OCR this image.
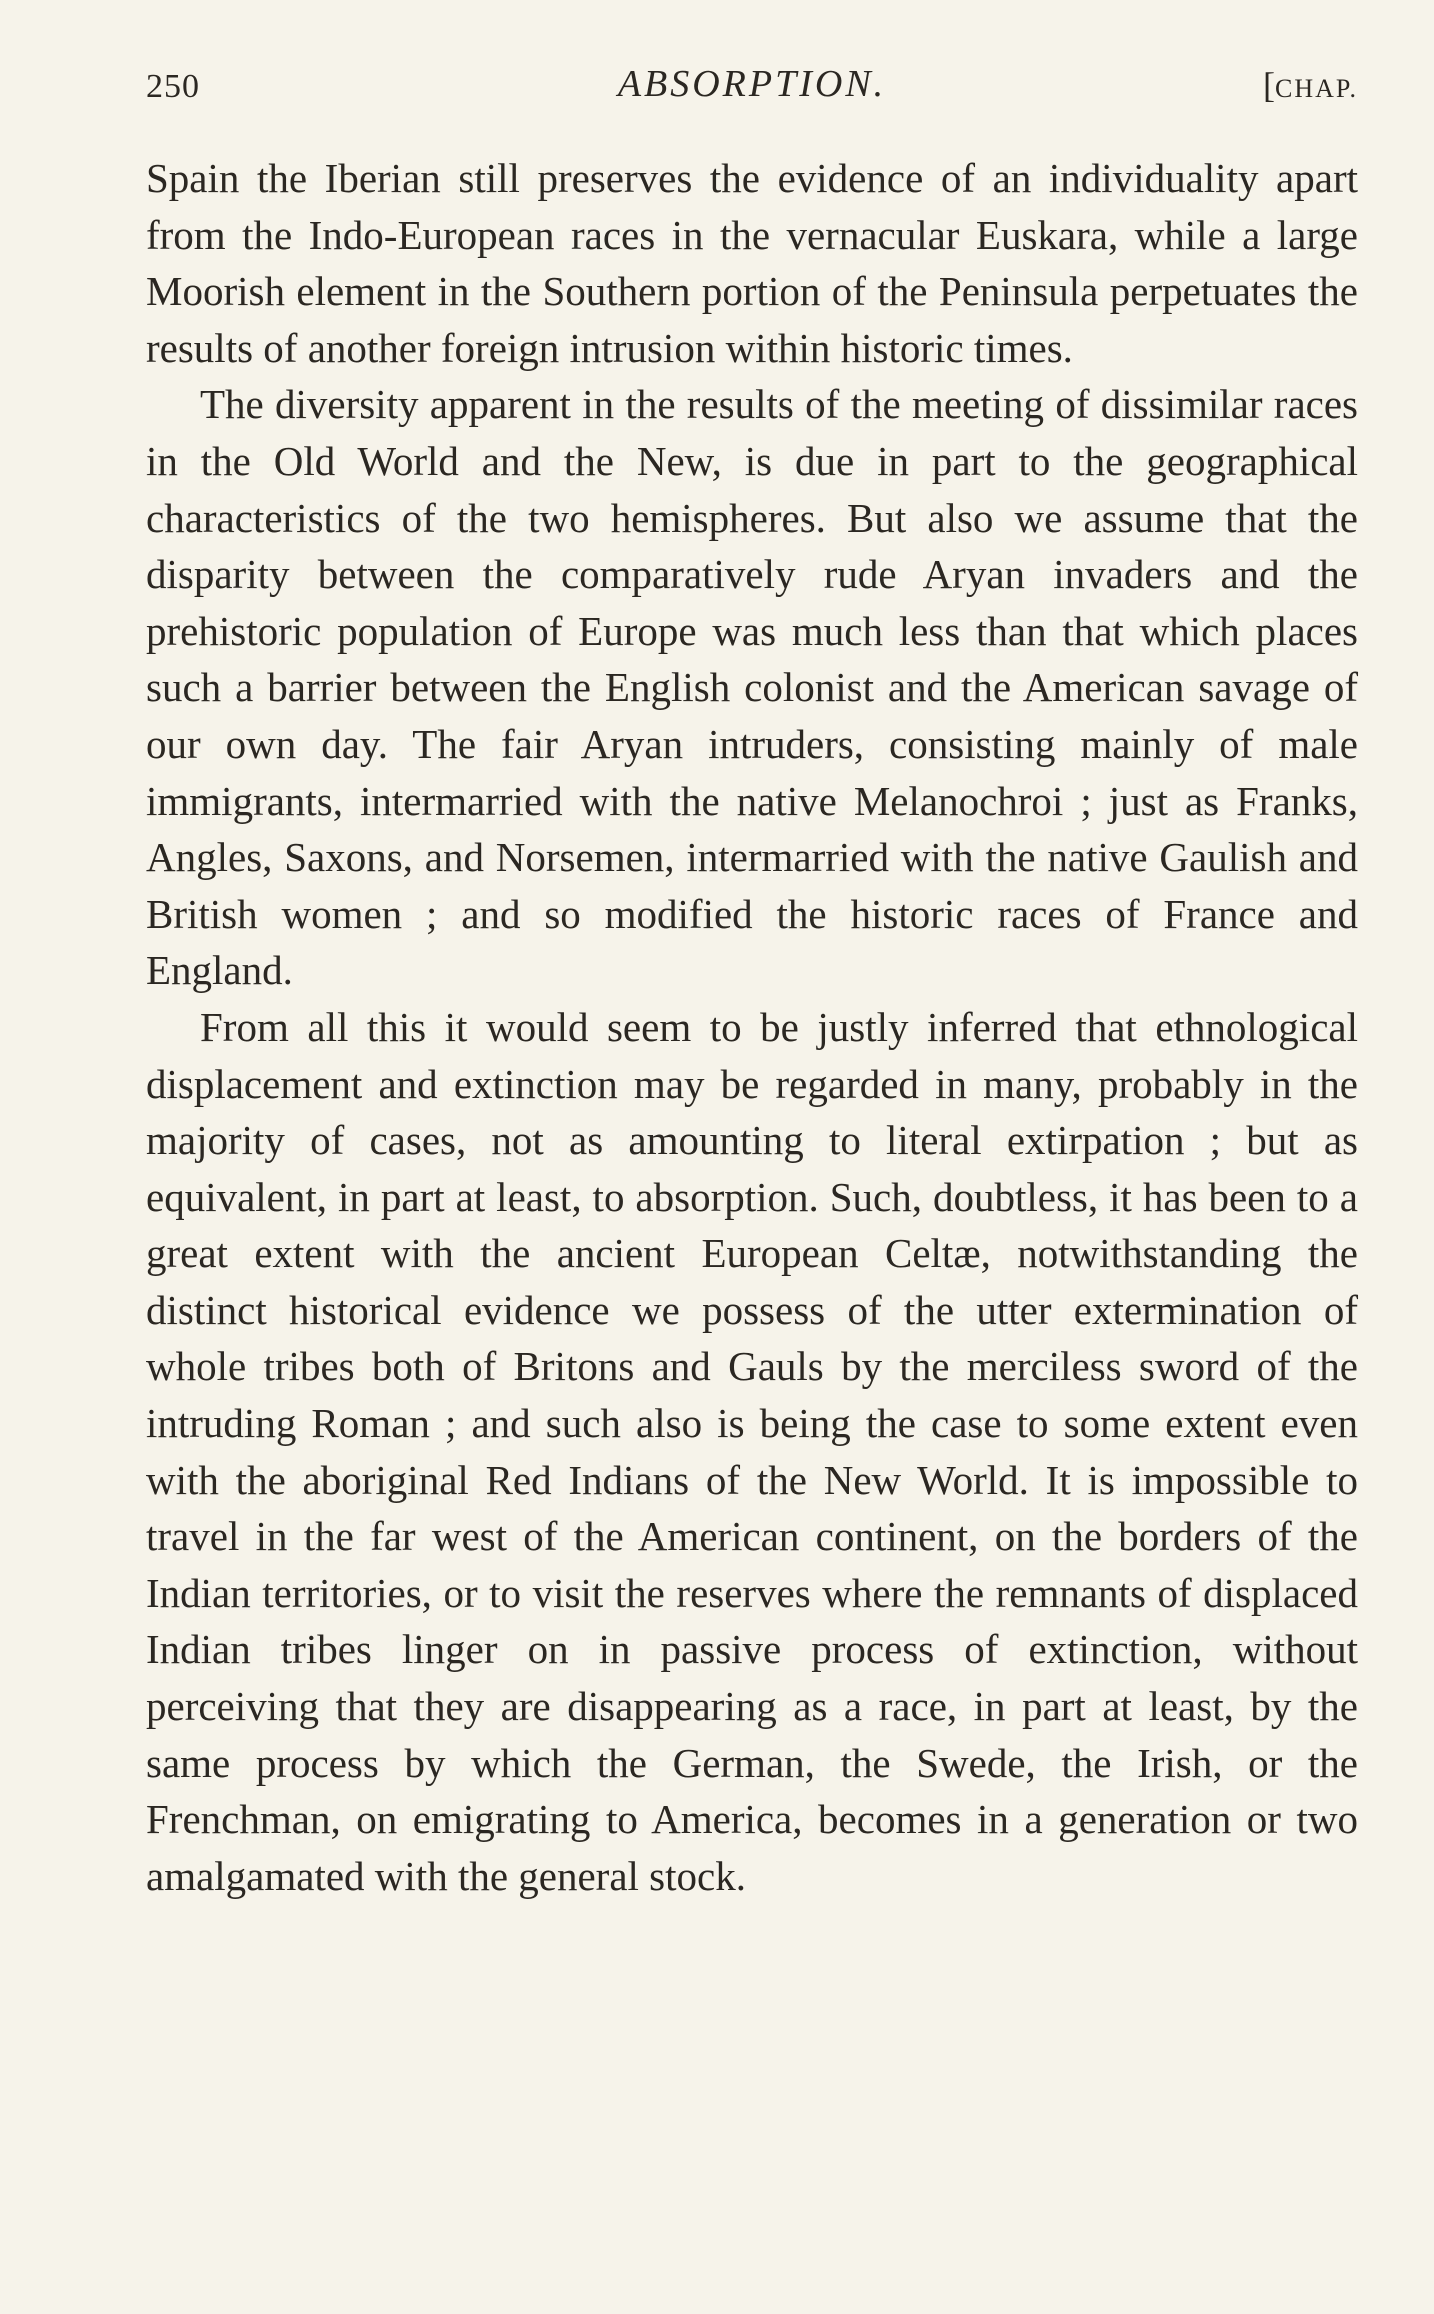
250	ABSORPTION.	[CHAP.

Spain the Iberian still preserves the evidence of an individuality apart from the Indo-European races in the vernacular Euskara, while a large Moorish element in the Southern portion of the Peninsula perpetuates the results of another foreign intrusion within historic times.

The diversity apparent in the results of the meeting of dissimilar races in the Old World and the New, is due in part to the geographical characteristics of the two hemispheres. But also we assume that the disparity between the comparatively rude Aryan invaders and the prehistoric population of Europe was much less than that which places such a barrier between the English colonist and the American savage of our own day. The fair Aryan intruders, consisting mainly of male immigrants, intermarried with the native Melanochroi ; just as Franks, Angles, Saxons, and Norsemen, intermarried with the native Gaulish and British women ; and so modified the historic races of France and England.

From all this it would seem to be justly inferred that ethnological displacement and extinction may be regarded in many, probably in the majority of cases, not as amounting to literal extirpation ; but as equivalent, in part at least, to absorption. Such, doubtless, it has been to a great extent with the ancient European Celtæ, notwithstanding the distinct historical evidence we possess of the utter extermination of whole tribes both of Britons and Gauls by the merciless sword of the intruding Roman ; and such also is being the case to some extent even with the aboriginal Red Indians of the New World. It is impossible to travel in the far west of the American continent, on the borders of the Indian territories, or to visit the reserves where the remnants of displaced Indian tribes linger on in passive process of extinction, without perceiving that they are disappearing as a race, in part at least, by the same process by which the German, the Swede, the Irish, or the Frenchman, on emigrating to America, becomes in a generation or two amalgamated with the general stock.
